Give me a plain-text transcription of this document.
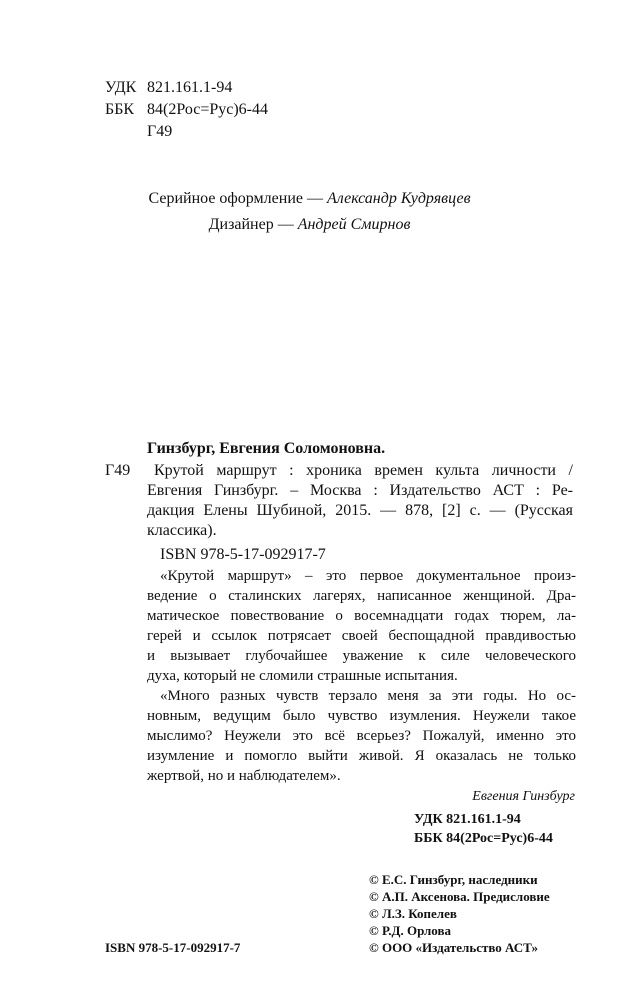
УДК 821.161.1-94
ББК 84(2Рос=Рус)6-44
Г49
Серийное оформление — Александр Кудрявцев
Дизайнер — Андрей Смирнов
Гинзбург, Евгения Соломоновна.
Г49 Крутой маршрут : хроника времен культа личности /
Евгения Гинзбург. – Москва : Издательство АСТ : Ре-
дакция Елены Шубиной, 2015. — 878, [2] с. — (Русская
классика).
ISBN 978-5-17-092917-7
«Крутой маршрут» – это первое документальное произ-
ведение о сталинских лагерях, написанное женщиной. Дра-
матическое повествование о восемнадцати годах тюрем, ла-
герей и ссылок потрясает своей беспощадной правдивостью
и вызывает глубочайшее уважение к силе человеческого
духа, который не сломили страшные испытания.
«Много разных чувств терзало меня за эти годы. Но ос-
новным, ведущим было чувство изумления. Неужели такое
мыслимо? Неужели это всё всерьез? Пожалуй, именно это
изумление и помогло выйти живой. Я оказалась не только
жертвой, но и наблюдателем».
Евгения Гинзбург
УДК 821.161.1-94
ББК 84(2Рос=Рус)6-44
© Е.С. Гинзбург, наследники
© А.П. Аксенова. Предисловие
© Л.З. Копелев
© Р.Д. Орлова
© ООО «Издательство АСТ»
ISBN 978-5-17-092917-7
